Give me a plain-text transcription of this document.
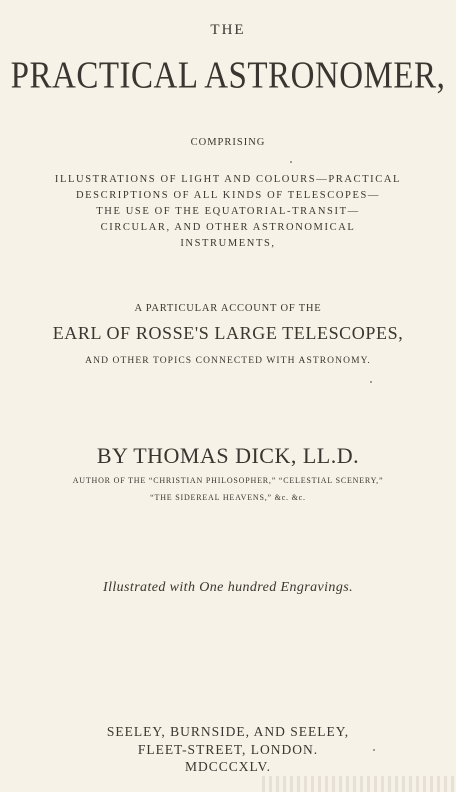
THE
PRACTICAL ASTRONOMER,
COMPRISING
ILLUSTRATIONS OF LIGHT AND COLOURS—PRACTICAL
DESCRIPTIONS OF ALL KINDS OF TELESCOPES—
THE USE OF THE EQUATORIAL-TRANSIT—
CIRCULAR, AND OTHER ASTRONOMICAL
INSTRUMENTS,
A PARTICULAR ACCOUNT OF THE
EARL OF ROSSE'S LARGE TELESCOPES,
AND OTHER TOPICS CONNECTED WITH ASTRONOMY.
BY THOMAS DICK, LL.D.
AUTHOR OF THE “CHRISTIAN PHILOSOPHER,” “CELESTIAL SCENERY,”
“THE SIDEREAL HEAVENS,” &c. &c.
Illustrated with One hundred Engravings.
SEELEY, BURNSIDE, AND SEELEY,
FLEET-STREET, LONDON.
MDCCCXLV.
